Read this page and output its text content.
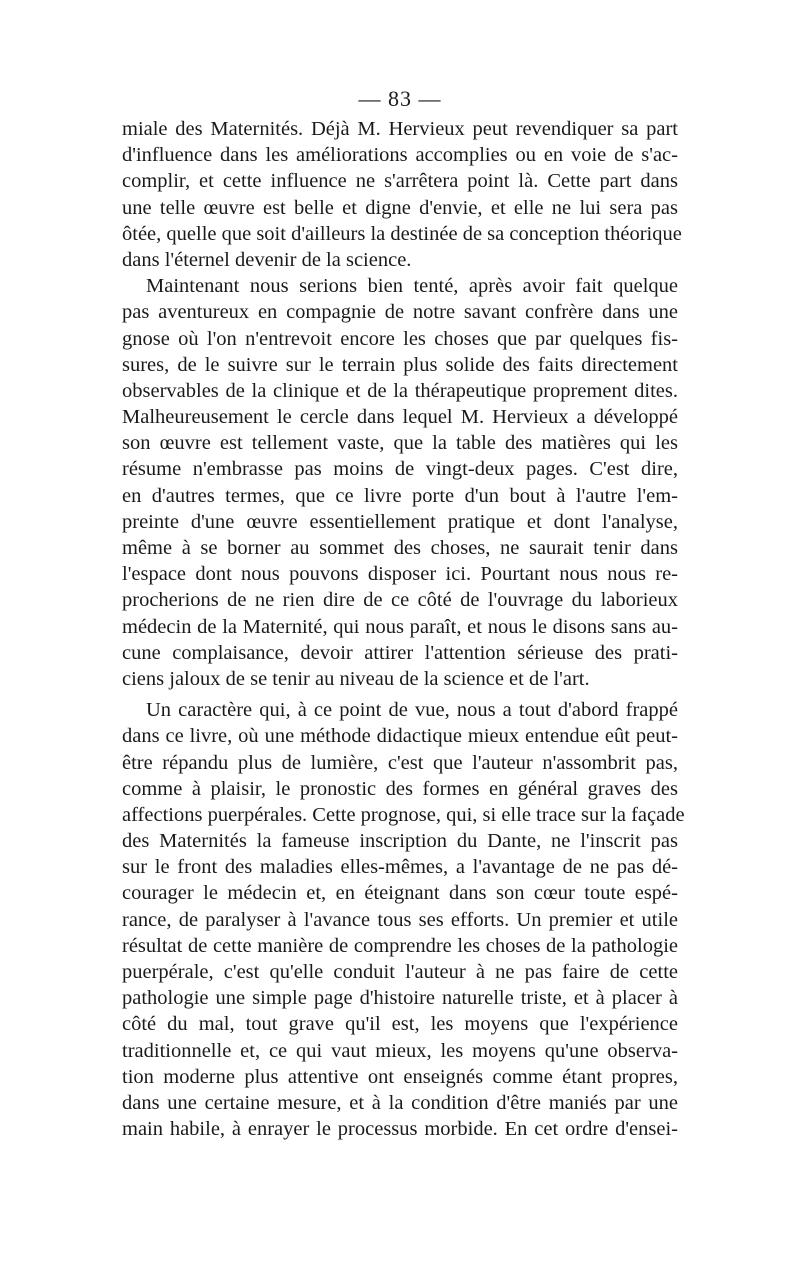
— 83 —
miale des Maternités. Déjà M. Hervieux peut revendiquer sa part
d'influence dans les améliorations accomplies ou en voie de s'ac-
complir, et cette influence ne s'arrêtera point là. Cette part dans
une telle œuvre est belle et digne d'envie, et elle ne lui sera pas
ôtée, quelle que soit d'ailleurs la destinée de sa conception théorique
dans l'éternel devenir de la science.
Maintenant nous serions bien tenté, après avoir fait quelque
pas aventureux en compagnie de notre savant confrère dans une
gnose où l'on n'entrevoit encore les choses que par quelques fis-
sures, de le suivre sur le terrain plus solide des faits directement
observables de la clinique et de la thérapeutique proprement dites.
Malheureusement le cercle dans lequel M. Hervieux a développé
son œuvre est tellement vaste, que la table des matières qui les
résume n'embrasse pas moins de vingt-deux pages. C'est dire,
en d'autres termes, que ce livre porte d'un bout à l'autre l'em-
preinte d'une œuvre essentiellement pratique et dont l'analyse,
même à se borner au sommet des choses, ne saurait tenir dans
l'espace dont nous pouvons disposer ici. Pourtant nous nous re-
procherions de ne rien dire de ce côté de l'ouvrage du laborieux
médecin de la Maternité, qui nous paraît, et nous le disons sans au-
cune complaisance, devoir attirer l'attention sérieuse des prati-
ciens jaloux de se tenir au niveau de la science et de l'art.
Un caractère qui, à ce point de vue, nous a tout d'abord frappé
dans ce livre, où une méthode didactique mieux entendue eût peut-
être répandu plus de lumière, c'est que l'auteur n'assombrit pas,
comme à plaisir, le pronostic des formes en général graves des
affections puerpérales. Cette prognose, qui, si elle trace sur la façade
des Maternités la fameuse inscription du Dante, ne l'inscrit pas
sur le front des maladies elles-mêmes, a l'avantage de ne pas dé-
courager le médecin et, en éteignant dans son cœur toute espé-
rance, de paralyser à l'avance tous ses efforts. Un premier et utile
résultat de cette manière de comprendre les choses de la pathologie
puerpérale, c'est qu'elle conduit l'auteur à ne pas faire de cette
pathologie une simple page d'histoire naturelle triste, et à placer à
côté du mal, tout grave qu'il est, les moyens que l'expérience
traditionnelle et, ce qui vaut mieux, les moyens qu'une observa-
tion moderne plus attentive ont enseignés comme étant propres,
dans une certaine mesure, et à la condition d'être maniés par une
main habile, à enrayer le processus morbide. En cet ordre d'ensei-
